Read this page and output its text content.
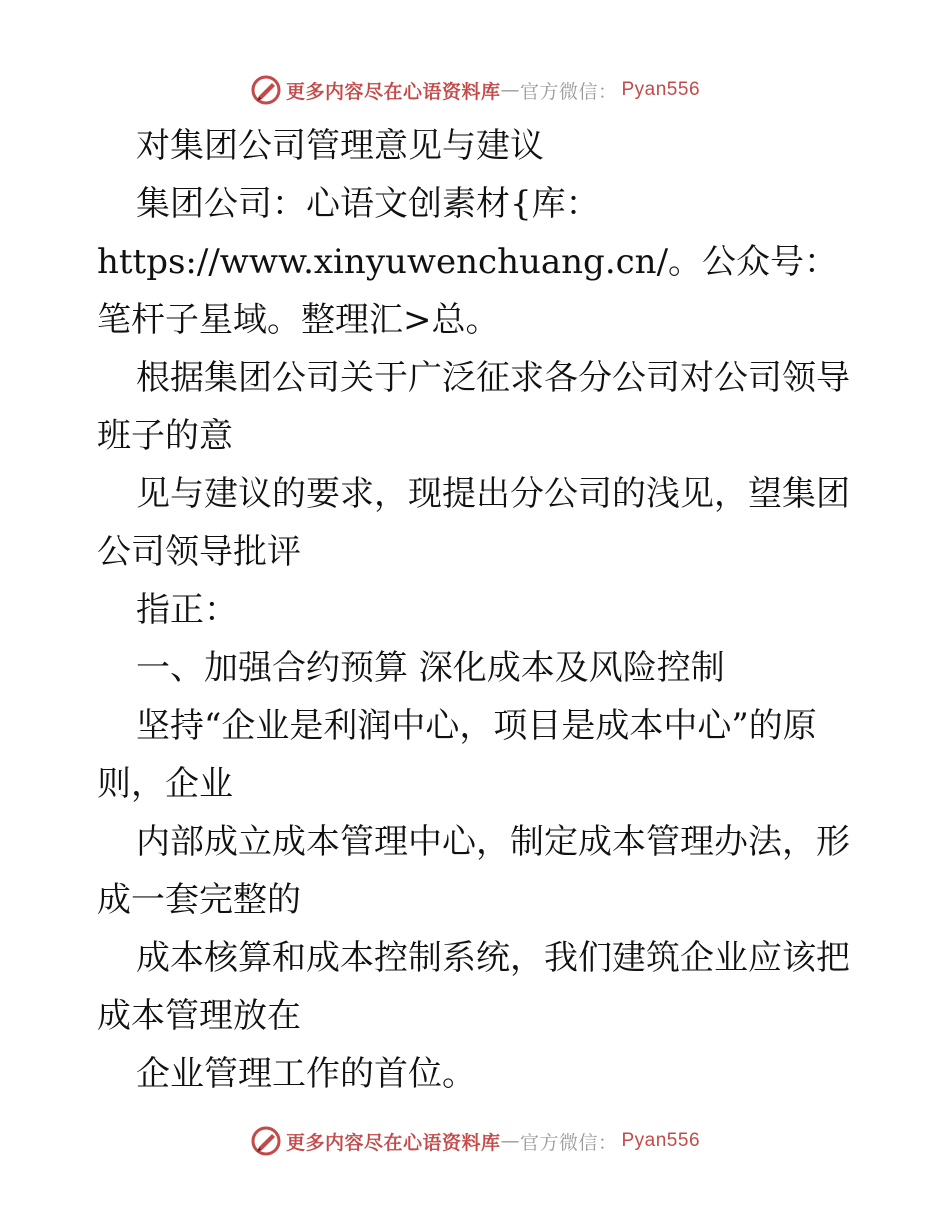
更多内容尽在心语资料库 — 官方微信： Pyan556

对集团公司管理意见与建议

集团公司：心语文创素材{库：https://www.xinyuwenchuang.cn/。公众号：笔杆子星域。整理汇>总。

根据集团公司关于广泛征求各分公司对公司领导班子的意

见与建议的要求，现提出分公司的浅见，望集团公司领导批评

指正：

一、加强合约预算 深化成本及风险控制

坚持“企业是利润中心，项目是成本中心”的原则，企业

内部成立成本管理中心，制定成本管理办法，形成一套完整的

成本核算和成本控制系统，我们建筑企业应该把成本管理放在

企业管理工作的首位。

更多内容尽在心语资料库 — 官方微信： Pyan556
